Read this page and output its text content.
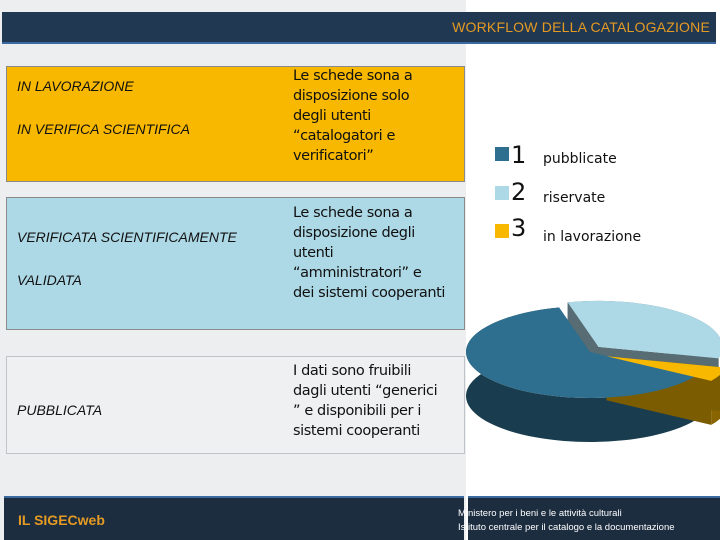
WORKFLOW DELLA CATALOGAZIONE
IN LAVORAZIONE
IN VERIFICA SCIENTIFICA
VERIFICATA SCIENTIFICAMENTE
VALIDATA
PUBBLICATA
Le schede sona a
disposizione solo
degli utenti
“catalogatori e
verificatori”
Le schede sona a
disposizione degli
utenti
“amministratori” e
dei sistemi cooperanti
I dati sono fruibili
dagli utenti “generici
” e disponibili per i
sistemi cooperanti
1 pubblicate
2 riservate
3 in lavorazione
IL SIGECweb	Ministero per i beni e le attività culturali
Istituto centrale per il catalogo e la documentazione
